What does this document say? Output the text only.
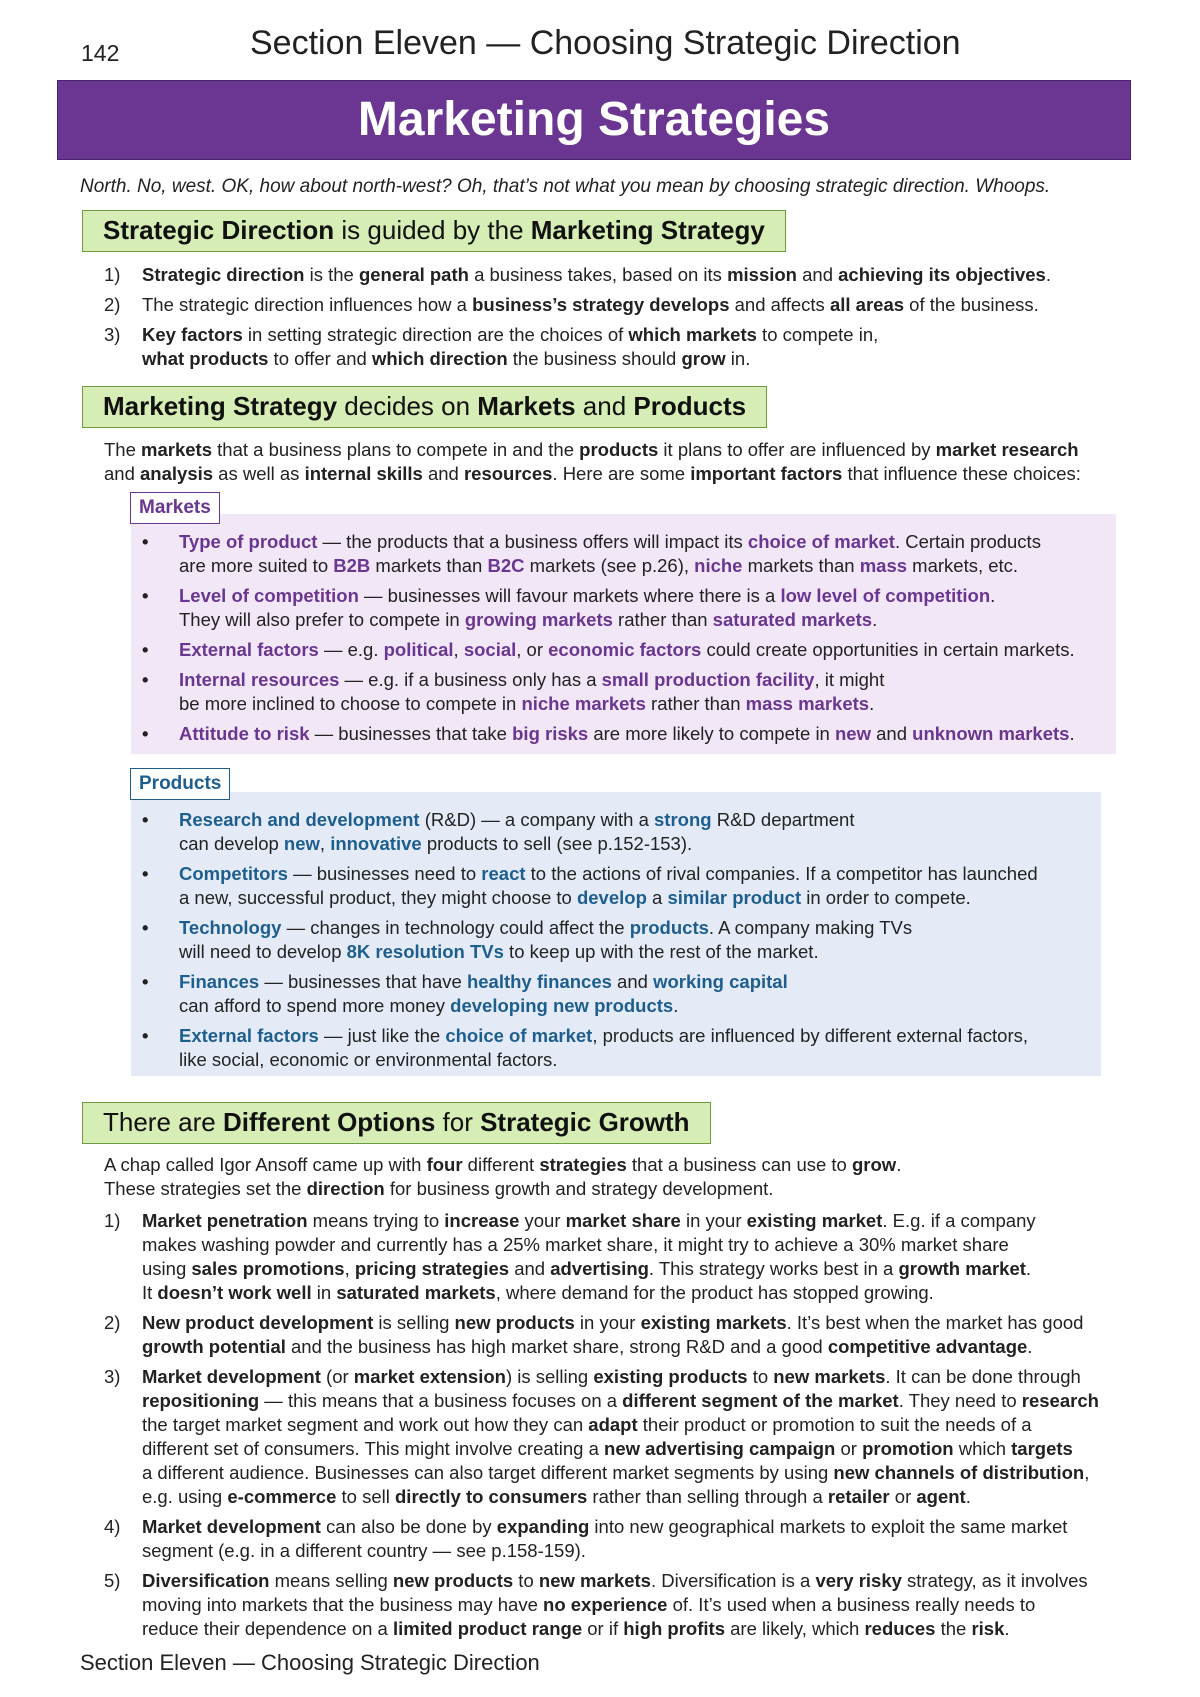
142	Section Eleven — Choosing Strategic Direction
Marketing Strategies
North. No, west. OK, how about north-west? Oh, that’s not what you mean by choosing strategic direction. Whoops.
Strategic Direction is guided by the Marketing Strategy
1) Strategic direction is the general path a business takes, based on its mission and achieving its objectives.
2) The strategic direction influences how a business’s strategy develops and affects all areas of the business.
3) Key factors in setting strategic direction are the choices of which markets to compete in,
what products to offer and which direction the business should grow in.
Marketing Strategy decides on Markets and Products

The markets that a business plans to compete in and the products it plans to offer are influenced by market research
and analysis as well as internal skills and resources. Here are some important factors that influence these choices:

Markets
• Type of product — the products that a business offers will impact its choice of market. Certain products
are more suited to B2B markets than B2C markets (see p.26), niche markets than mass markets, etc.
• Level of competition — businesses will favour markets where there is a low level of competition.
They will also prefer to compete in growing markets rather than saturated markets.
• External factors — e.g. political, social, or economic factors could create opportunities in certain markets.
• Internal resources — e.g. if a business only has a small production facility, it might
be more inclined to choose to compete in niche markets rather than mass markets.
• Attitude to risk — businesses that take big risks are more likely to compete in new and unknown markets.
Products
• Research and development (R&D) — a company with a strong R&D department
can develop new, innovative products to sell (see p.152-153).
• Competitors — businesses need to react to the actions of rival companies. If a competitor has launched
a new, successful product, they might choose to develop a similar product in order to compete.
• Technology — changes in technology could affect the products. A company making TVs
will need to develop 8K resolution TVs to keep up with the rest of the market.
• Finances — businesses that have healthy finances and working capital
can afford to spend more money developing new products.
• External factors — just like the choice of market, products are influenced by different external factors,
like social, economic or environmental factors.
There are Different Options for Strategic Growth

A chap called Igor Ansoff came up with four different strategies that a business can use to grow.
These strategies set the direction for business growth and strategy development.

1) Market penetration means trying to increase your market share in your existing market. E.g. if a company
makes washing powder and currently has a 25% market share, it might try to achieve a 30% market share
using sales promotions, pricing strategies and advertising. This strategy works best in a growth market.
It doesn’t work well in saturated markets, where demand for the product has stopped growing.
2) New product development is selling new products in your existing markets. It’s best when the market has good
growth potential and the business has high market share, strong R&D and a good competitive advantage.
3) Market development (or market extension) is selling existing products to new markets. It can be done through
repositioning — this means that a business focuses on a different segment of the market. They need to research
the target market segment and work out how they can adapt their product or promotion to suit the needs of a
different set of consumers. This might involve creating a new advertising campaign or promotion which targets
a different audience. Businesses can also target different market segments by using new channels of distribution,
e.g. using e-commerce to sell directly to consumers rather than selling through a retailer or agent.
4) Market development can also be done by expanding into new geographical markets to exploit the same market
segment (e.g. in a different country — see p.158-159).
5) Diversification means selling new products to new markets. Diversification is a very risky strategy, as it involves
moving into markets that the business may have no experience of. It’s used when a business really needs to
reduce their dependence on a limited product range or if high profits are likely, which reduces the risk.
Section Eleven — Choosing Strategic Direction
